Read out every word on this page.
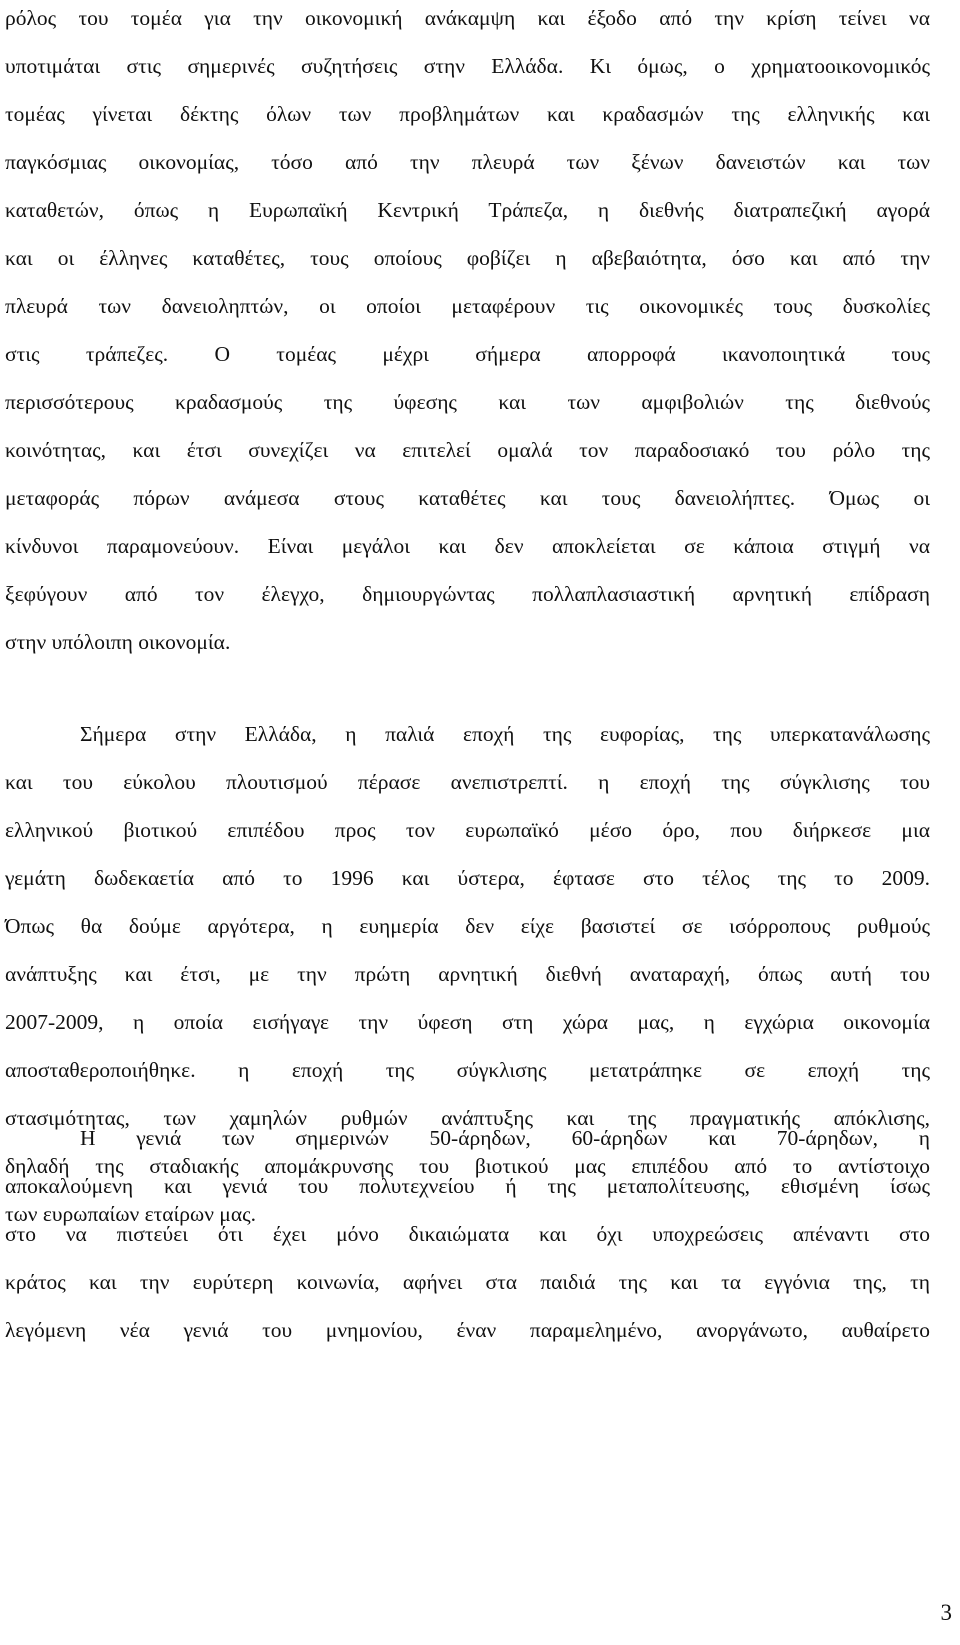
ρόλος του τομέα για την οικονομική ανάκαμψη και έξοδο από την κρίση τείνει να
υποτιμάται στις σημερινές συζητήσεις στην Ελλάδα. Κι όμως, ο χρηματοοικονομικός
τομέας γίνεται δέκτης όλων των προβλημάτων και κραδασμών της ελληνικής και
παγκόσμιας οικονομίας, τόσο από την πλευρά των ξένων δανειστών και των
καταθετών, όπως η Ευρωπαϊκή Κεντρική Τράπεζα, η διεθνής διατραπεζική αγορά
και οι έλληνες καταθέτες, τους οποίους φοβίζει η αβεβαιότητα, όσο και από την
πλευρά των δανειοληπτών, οι οποίοι μεταφέρουν τις οικονομικές τους δυσκολίες
στις τράπεζες. Ο τομέας μέχρι σήμερα απορροφά ικανοποιητικά τους
περισσότερους κραδασμούς της ύφεσης και των αμφιβολιών της διεθνούς
κοινότητας, και έτσι συνεχίζει να επιτελεί ομαλά τον παραδοσιακό του ρόλο της
μεταφοράς πόρων ανάμεσα στους καταθέτες και τους δανειολήπτες. Όμως οι
κίνδυνοι παραμονεύουν. Είναι μεγάλοι και δεν αποκλείεται σε κάποια στιγμή να
ξεφύγουν από τον έλεγχο, δημιουργώντας πολλαπλασιαστική αρνητική επίδραση
στην υπόλοιπη οικονομία.
Σήμερα στην Ελλάδα, η παλιά εποχή της ευφορίας, της υπερκατανάλωσης
και του εύκολου πλουτισμού πέρασε ανεπιστρεπτί. η εποχή της σύγκλισης του
ελληνικού βιοτικού επιπέδου προς τον ευρωπαϊκό μέσο όρο, που διήρκεσε μια
γεμάτη δωδεκαετία από το 1996 και ύστερα, έφτασε στο τέλος της το 2009.
Όπως θα δούμε αργότερα, η ευημερία δεν είχε βασιστεί σε ισόρροπους ρυθμούς
ανάπτυξης και έτσι, με την πρώτη αρνητική διεθνή αναταραχή, όπως αυτή του
2007-2009, η οποία εισήγαγε την ύφεση στη χώρα μας, η εγχώρια οικονομία
αποσταθεροποιήθηκε. η εποχή της σύγκλισης μετατράπηκε σε εποχή της
στασιμότητας, των χαμηλών ρυθμών ανάπτυξης και της πραγματικής απόκλισης,
δηλαδή της σταδιακής απομάκρυνσης του βιοτικού μας επιπέδου από το αντίστοιχο
των ευρωπαίων εταίρων μας.
Η γενιά των σημερινών 50-άρηδων, 60-άρηδων και 70-άρηδων, η
αποκαλούμενη και γενιά του πολυτεχνείου ή της μεταπολίτευσης, εθισμένη ίσως
στο να πιστεύει ότι έχει μόνο δικαιώματα και όχι υποχρεώσεις απέναντι στο
κράτος και την ευρύτερη κοινωνία, αφήνει στα παιδιά της και τα εγγόνια της, τη
λεγόμενη νέα γενιά του μνημονίου, έναν παραμελημένο, ανοργάνωτο, αυθαίρετο
3
